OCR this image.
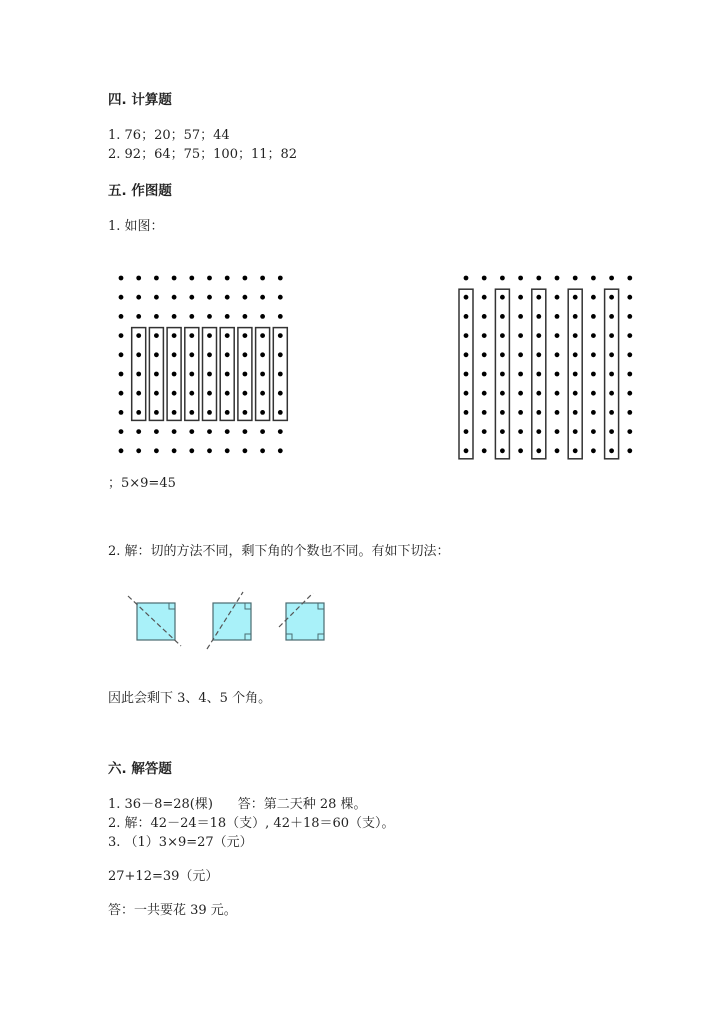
四. 计算题
1. 76；20；57；44
2. 92；64；75；100；11；82
五. 作图题
1. 如图：
；5×9=45
2. 解：切的方法不同，剩下角的个数也不同。有如下切法：
因此会剩下 3、4、5 个角。
六. 解答题
1. 36－8=28(棵)      答：第二天种 28 棵。
2. 解：42－24＝18（支）, 42＋18＝60（支）。
3. （1）3×9=27（元）
27+12=39（元）
答：一共要花 39 元。
